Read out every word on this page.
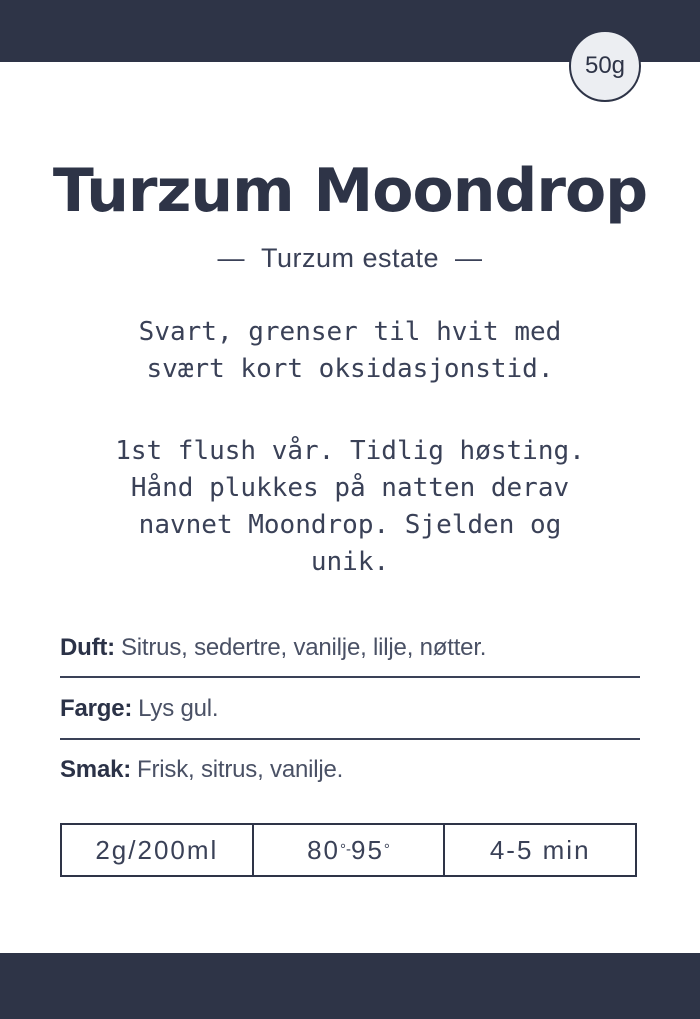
50g
Turzum Moondrop
— Turzum estate —
Svart, grenser til hvit med
svært kort oksidasjonstid.
1st flush vår. Tidlig høsting.
Hånd plukkes på natten derav
navnet Moondrop. Sjelden og
unik.
Duft: Sitrus, sedertre, vanilje, lilje, nøtter.
Farge: Lys gul.
Smak: Frisk, sitrus, vanilje.
2g/200ml	80 °- 95 °	4-5 min
